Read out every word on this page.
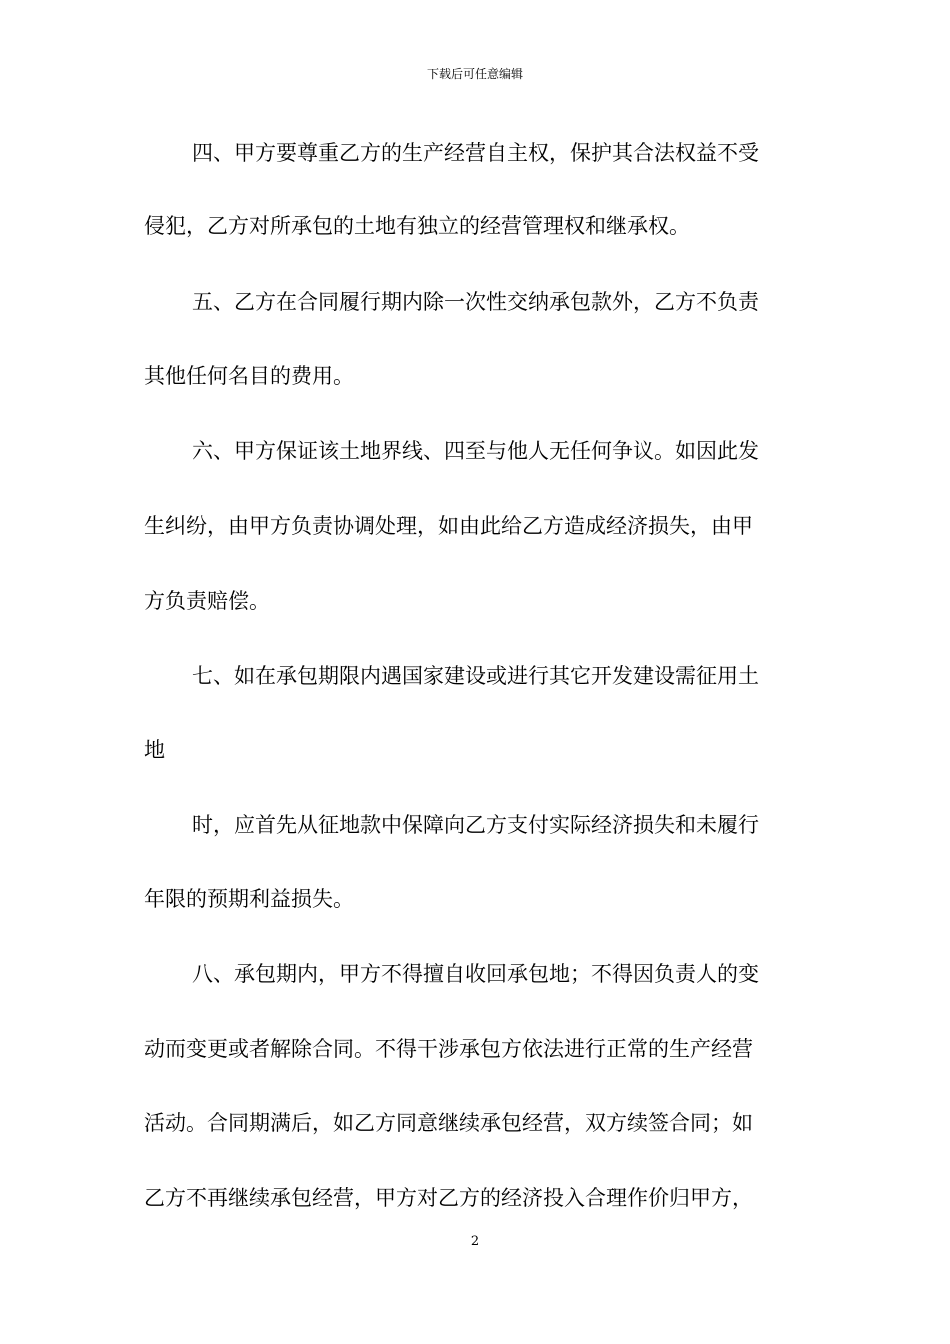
下载后可任意编辑
四、甲方要尊重乙方的生产经营自主权，保护其合法权益不受
侵犯，乙方对所承包的土地有独立的经营管理权和继承权。
五、乙方在合同履行期内除一次性交纳承包款外，乙方不负责
其他任何名目的费用。
六、甲方保证该土地界线、四至与他人无任何争议。如因此发
生纠纷，由甲方负责协调处理，如由此给乙方造成经济损失，由甲
方负责赔偿。
七、如在承包期限内遇国家建设或进行其它开发建设需征用土
地
时，应首先从征地款中保障向乙方支付实际经济损失和未履行
年限的预期利益损失。
八、承包期内，甲方不得擅自收回承包地；不得因负责人的变
动而变更或者解除合同。不得干涉承包方依法进行正常的生产经营
活动。合同期满后，如乙方同意继续承包经营，双方续签合同；如
乙方不再继续承包经营，甲方对乙方的经济投入合理作价归甲方，
2
